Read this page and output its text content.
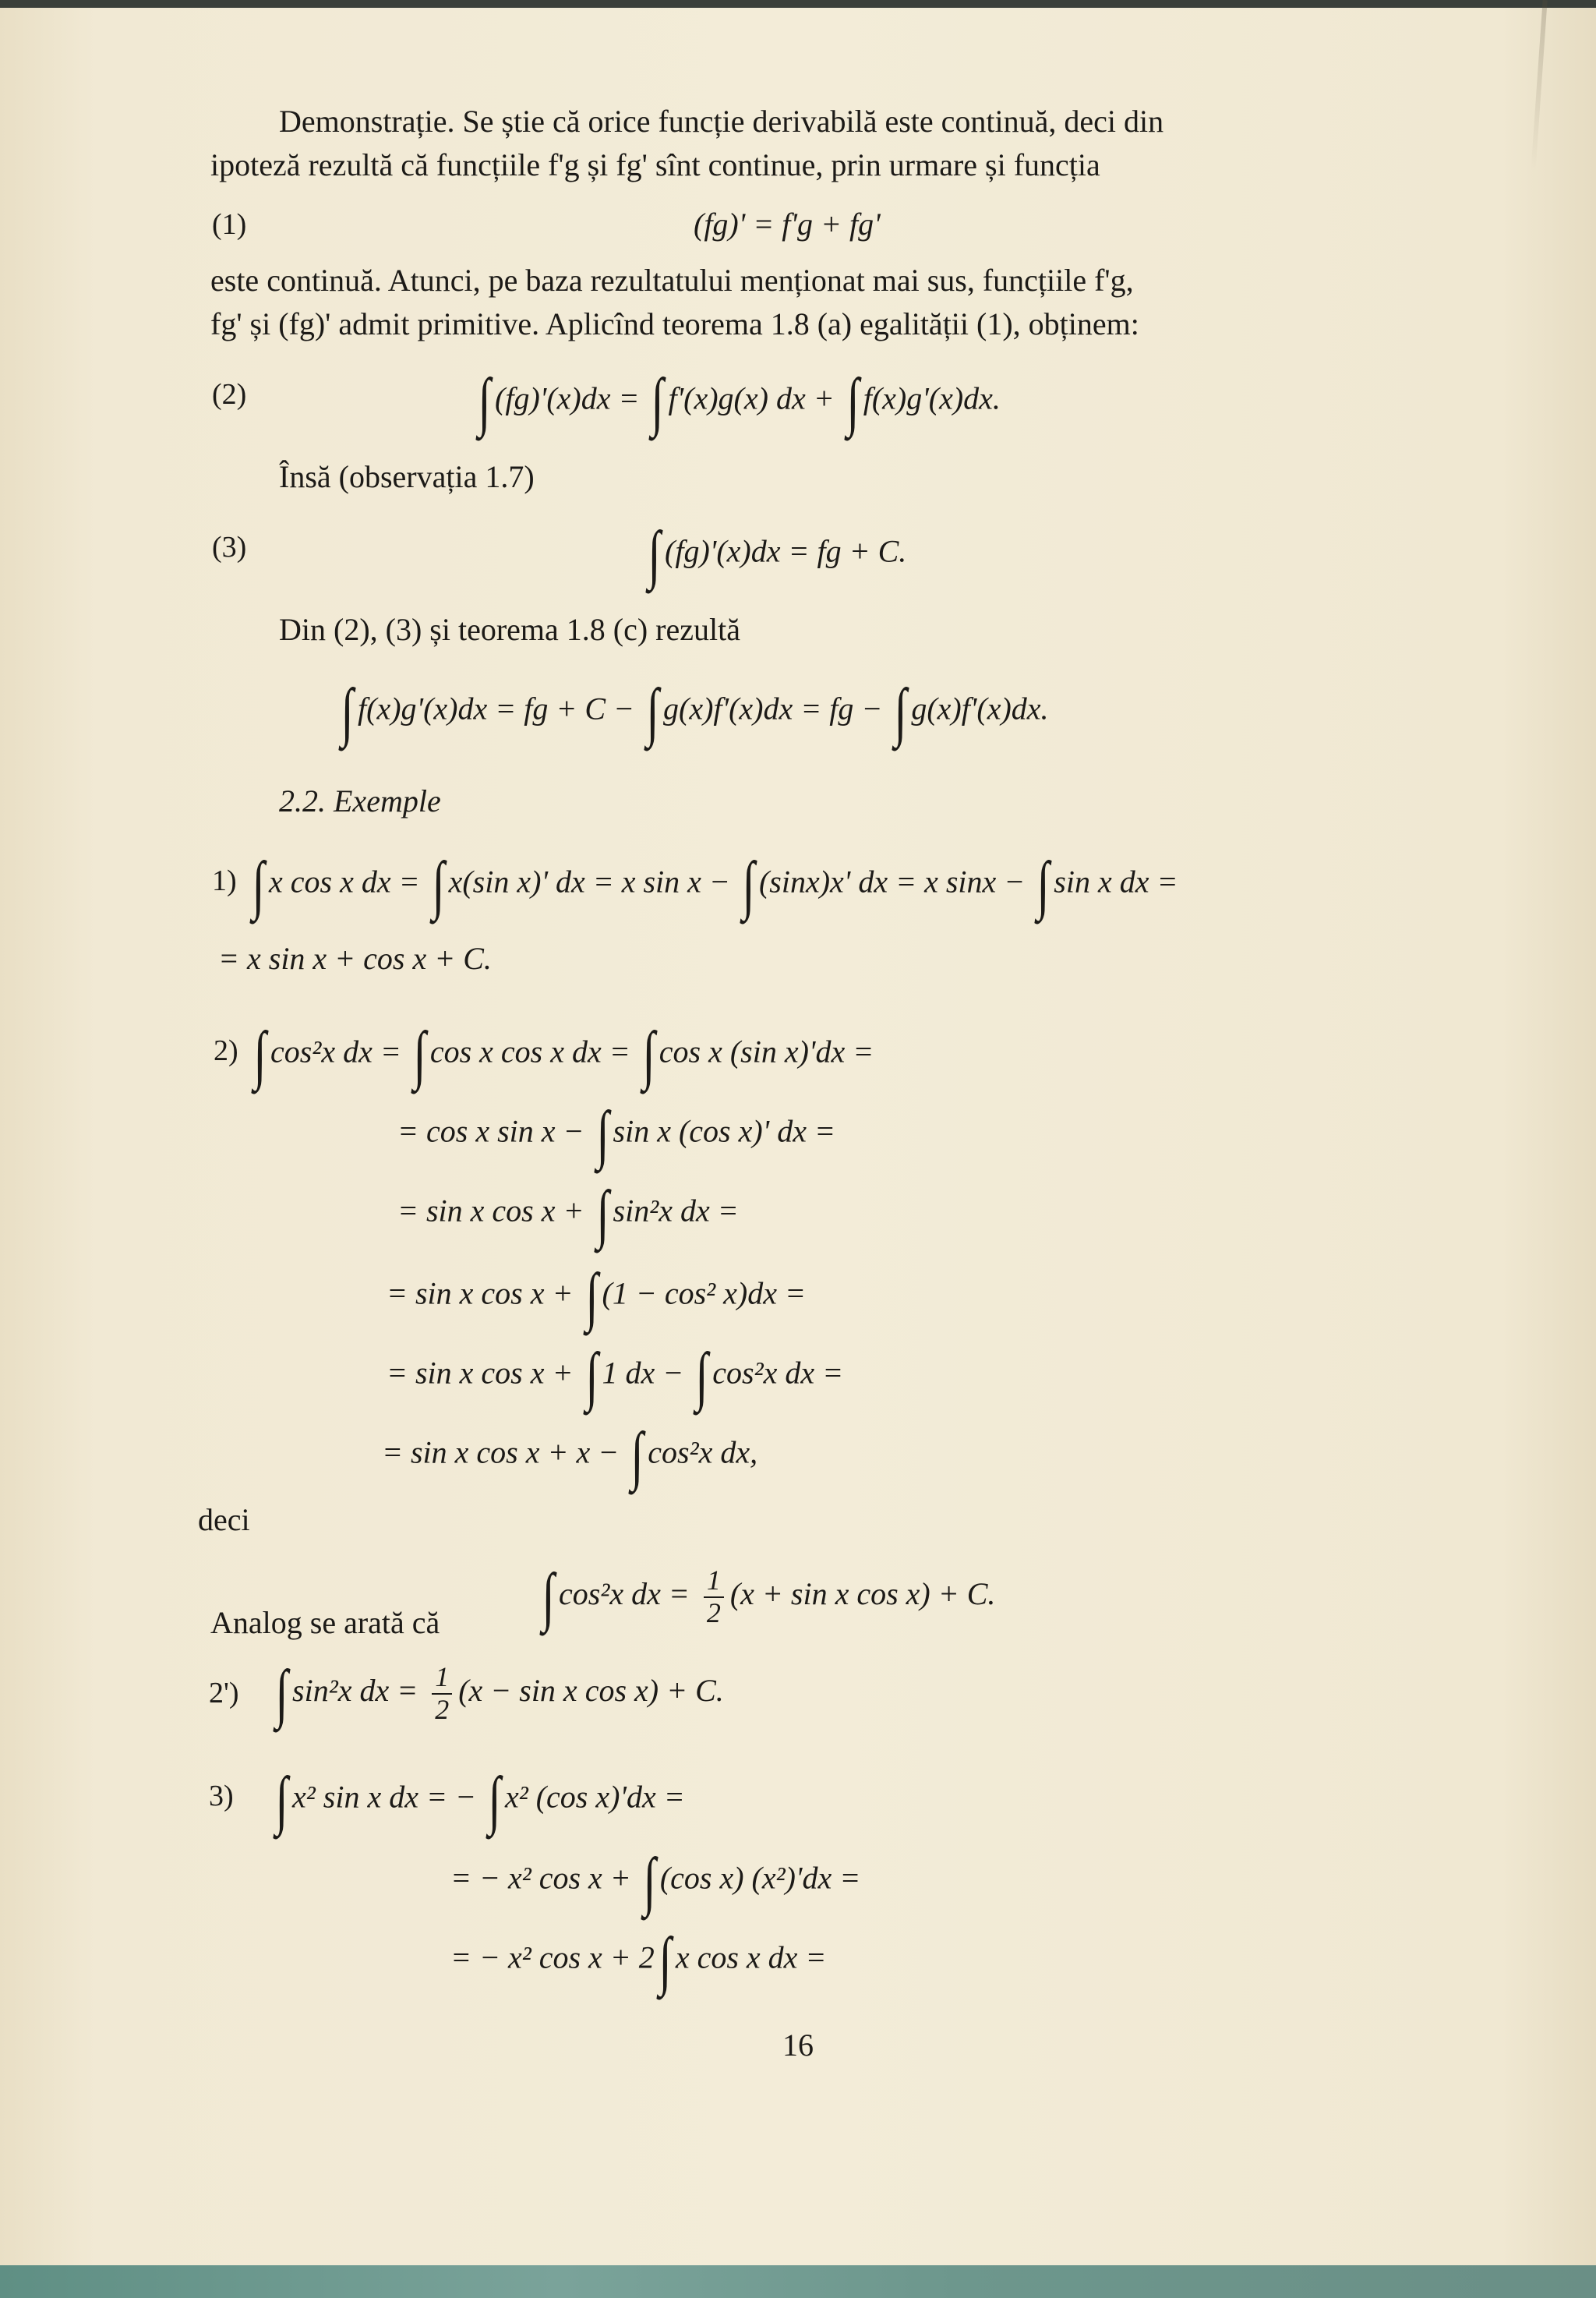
Demonstrație. Se știe că orice funcție derivabilă este continuă, deci din
ipoteză rezultă că funcțiile f'g și fg' sînt continue, prin urmare și funcția
(1)	(fg)' = f'g + fg'
este continuă. Atunci, pe baza rezultatului menționat mai sus, funcțiile f'g,
fg' și (fg)' admit primitive. Aplicînd teorema 1.8 (a) egalității (1), obținem:
(2)	∫ (fg)'(x)dx = ∫ f'(x)g(x) dx + ∫ f(x)g'(x)dx.
Însă (observația 1.7)
(3)	∫ (fg)'(x)dx = fg + C.
Din (2), (3) și teorema 1.8 (c) rezultă
∫ f(x)g'(x)dx = fg + C − ∫ g(x)f'(x)dx = fg − ∫ g(x)f'(x)dx.
2.2. Exemple
1) ∫ x cos x dx = ∫ x(sin x)' dx = x sin x − ∫ (sinx)x' dx = x sinx − ∫ sin x dx =
= x sin x + cos x + C.
2) ∫ cos²x dx = ∫ cos x cos x dx = ∫ cos x (sin x)'dx =
= cos x sin x − ∫ sin x (cos x)' dx =
= sin x cos x + ∫ sin²x dx =
= sin x cos x + ∫ (1 − cos² x)dx =
= sin x cos x + ∫ 1 dx − ∫ cos²x dx =
= sin x cos x + x − ∫ cos²x dx,
deci
∫ cos²x dx = $\frac{1}{2} (x + \sin x$ cos x) + C.
Analog se arată că
2') ∫ sin²x dx = $\frac{1}{2} (x - \sin x$ cos x) + C.
3) ∫ x² sin x dx = − ∫ x² (cos x)'dx =
= − x² cos x + ∫ (cos x) (x²)'dx =
= − x² cos x + 2∫ x cos x dx =
16
